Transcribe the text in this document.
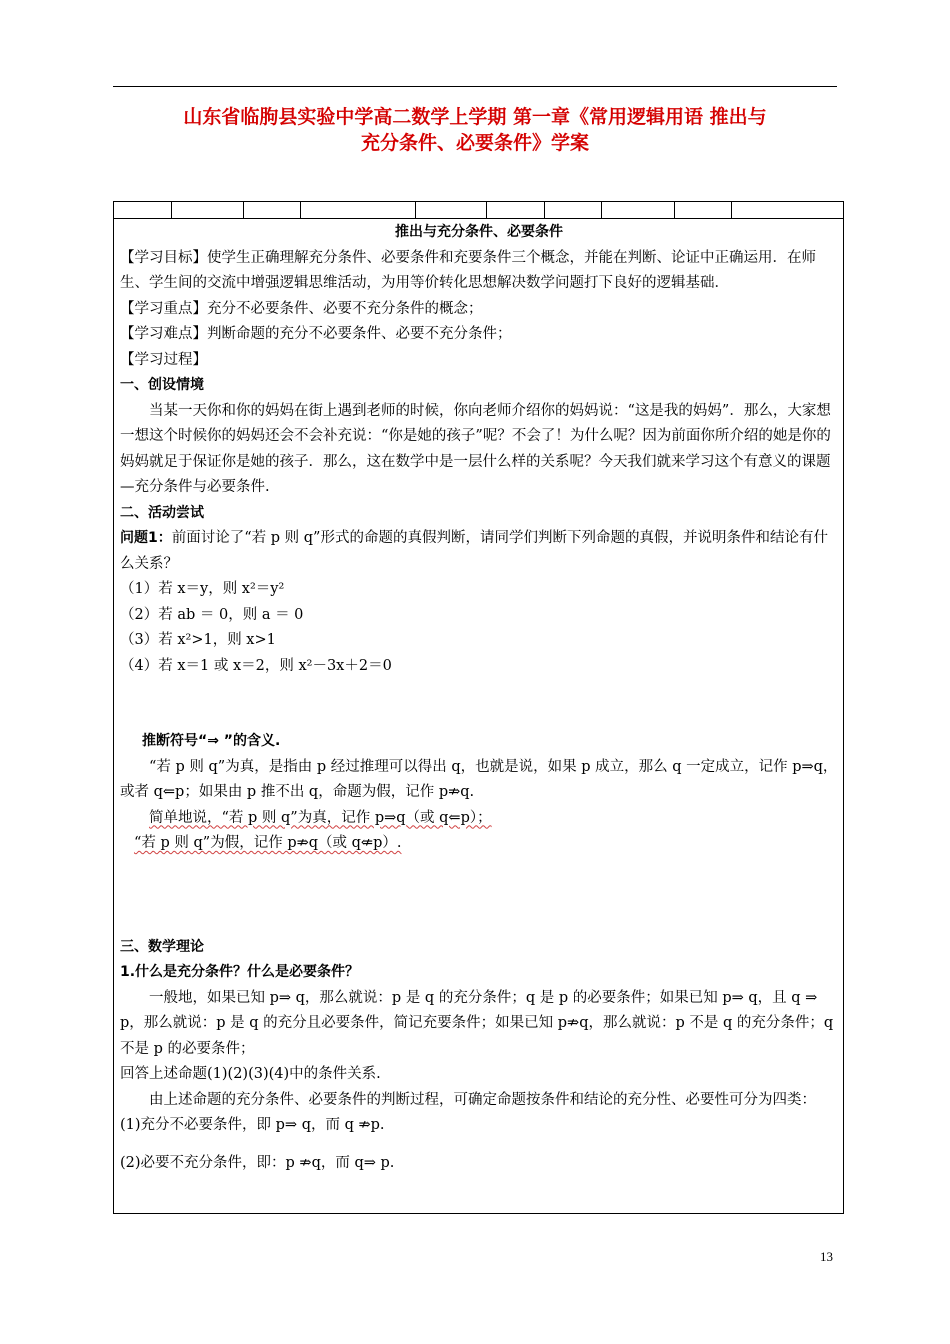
山东省临朐县实验中学高二数学上学期 第一章《常用逻辑用语 推出与
充分条件、必要条件》学案

推出与充分条件、必要条件

【学习目标】使学生正确理解充分条件、必要条件和充要条件三个概念，并能在判断、论证中正确运用．在师生、学生间的交流中增强逻辑思维活动，为用等价转化思想解决数学问题打下良好的逻辑基础．

【学习重点】充分不必要条件、必要不充分条件的概念；

【学习难点】判断命题的充分不必要条件、必要不充分条件；

【学习过程】

一、创设情境

当某一天你和你的妈妈在街上遇到老师的时候，你向老师介绍你的妈妈说：“这是我的妈妈”．那么，大家想一想这个时候你的妈妈还会不会补充说：“你是她的孩子”呢？不会了！为什么呢？因为前面你所介绍的她是你的妈妈就足于保证你是她的孩子．那么，这在数学中是一层什么样的关系呢？今天我们就来学习这个有意义的课题—充分条件与必要条件.

二、活动尝试

问题1：前面讨论了“若 p 则 q”形式的命题的真假判断，请同学们判断下列命题的真假，并说明条件和结论有什么关系？

（1）若 x＝y，则 x²＝y²

（2）若 ab ＝ 0，则 a ＝ 0

（3）若 x²>1，则 x>1

（4）若 x＝1 或 x＝2，则 x²－3x＋2＝0

推断符号“⇒ ”的含义.

“若 p 则 q”为真，是指由 p 经过推理可以得出 q，也就是说，如果 p 成立，那么 q 一定成立，记作 p⇒q，或者 q⇐p；如果由 p 推不出 q，命题为假，记作 p⇏q.

简单地说，“若 p 则 q”为真，记作 p⇒q（或 q⇐p）；

“若 p 则 q”为假，记作 p⇏q（或 q⇍p）.

三、数学理论

1.什么是充分条件？什么是必要条件？

一般地，如果已知 p⇒ q，那么就说：p 是 q 的充分条件；q 是 p 的必要条件；如果已知 p⇒ q，且 q ⇒ p，那么就说：p 是 q 的充分且必要条件，简记充要条件；如果已知 p⇏q，那么就说：p 不是 q 的充分条件；q 不是 p 的必要条件；

回答上述命题(1)(2)(3)(4)中的条件关系.

由上述命题的充分条件、必要条件的判断过程，可确定命题按条件和结论的充分性、必要性可分为四类：

(1)充分不必要条件，即 p⇒ q，而 q ⇏p.

(2)必要不充分条件，即：p ⇏q，而 q⇒ p.

13
